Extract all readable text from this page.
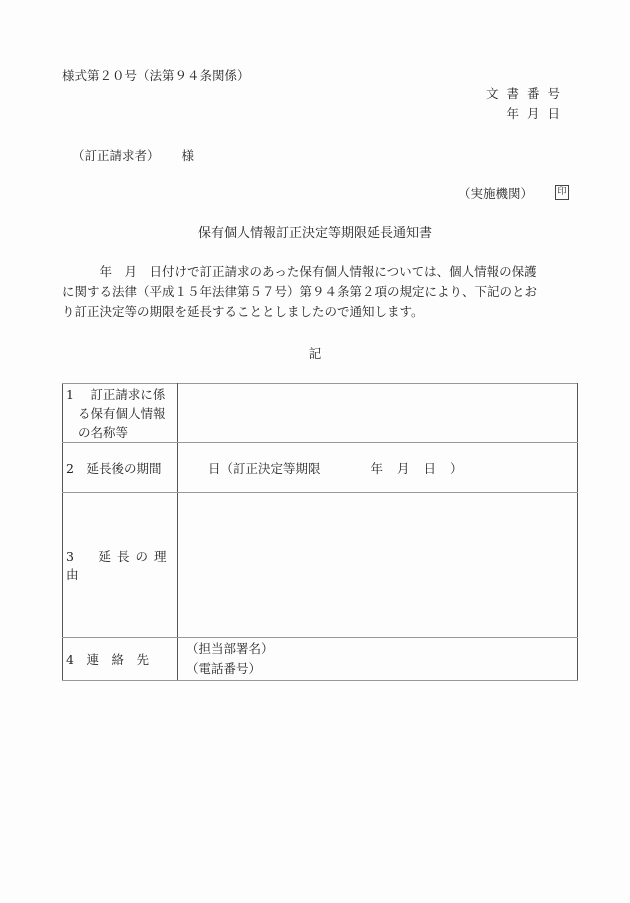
様式第２０号（法第９４条関係）
文書番号
年月日
（訂正請求者） 様
（実施機関）	印
保有個人情報訂正決定等期限延長通知書

　　　年　月　日付けで訂正請求のあった保有個人情報については、個人情報の保護

に関する法律（平成１５年法律第５７号）第９４条第２項の規定により、下記のとお

り訂正決定等の期限を延長することとしましたので通知します。

記
1　 訂正請求に係
る保有個人情報
の名称等	

2　延長後の期間	日（訂正決定等期限 年月日）
3　延長の理由	
4　連　絡　先	（担当部署名）
（電話番号）
